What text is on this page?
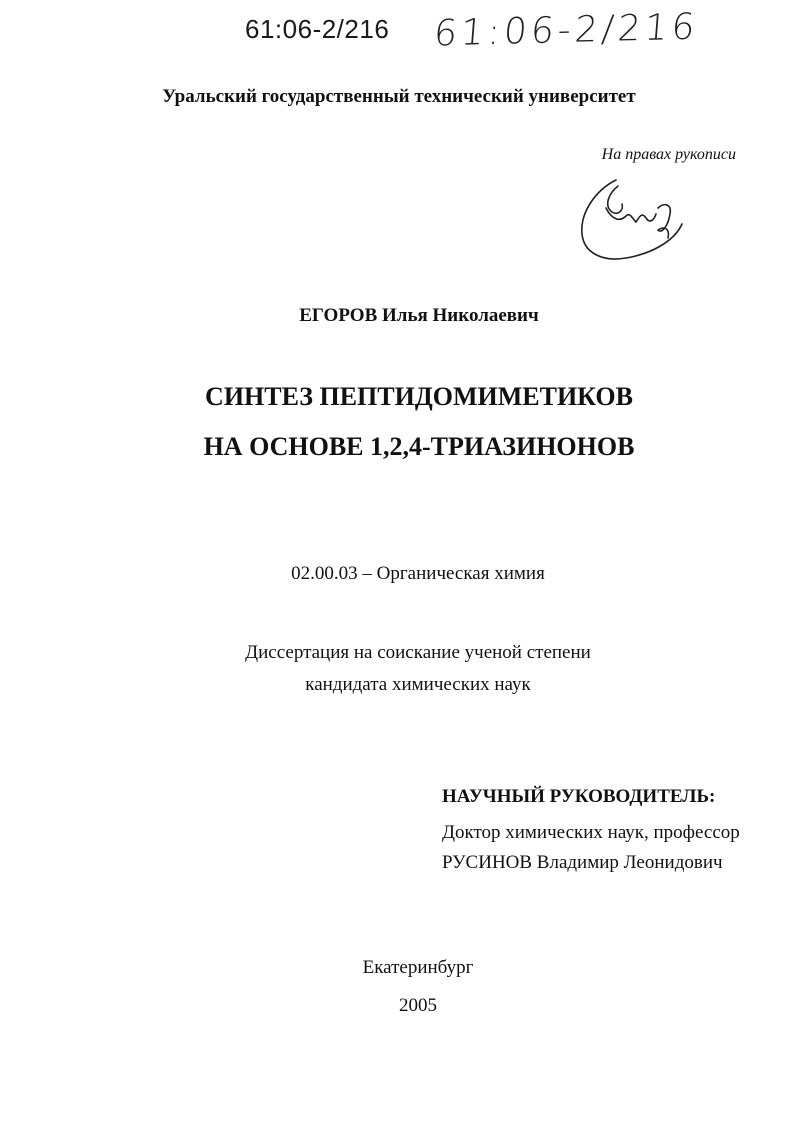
61:06-2/216 61:06-2/216
Уральский государственный технический университет
На правах рукописи
ЕГОРОВ Илья Николаевич
СИНТЕЗ ПЕПТИДОМИМЕТИКОВ
НА ОСНОВЕ 1,2,4-ТРИАЗИНОНОВ
02.00.03 – Органическая химия
Диссертация на соискание ученой степени
кандидата химических наук
НАУЧНЫЙ РУКОВОДИТЕЛЬ:
Доктор химических наук, профессор
РУСИНОВ Владимир Леонидович
Екатеринбург
2005
